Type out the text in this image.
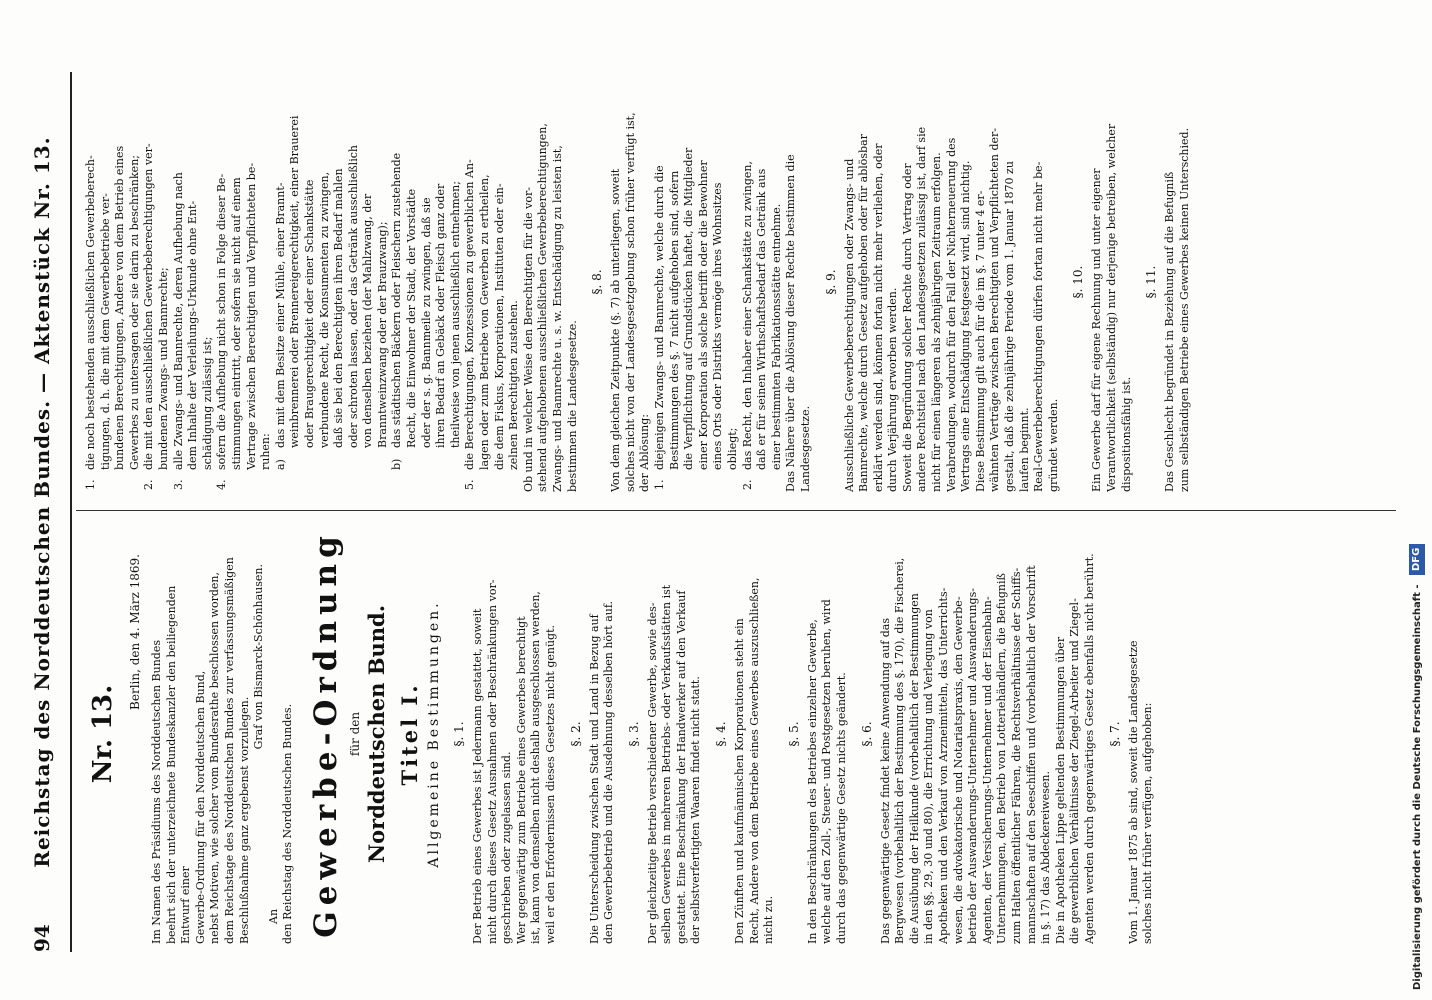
94
Reichstag des Norddeutschen Bundes. — Aktenstück Nr. 13.
Nr. 13.
Berlin, den 4. März 1869.
Im Namen des Präsidiums des Norddeutschen Bundes beehrt sich der unterzeichnete Bundeskanzler den beiliegenden Entwurf einer Gewerbe-Ordnung für den Norddeutschen Bund, nebst Motiven, wie solcher vom Bundesrathe beschlossen worden, dem Reichstage des Norddeutschen Bundes zur verfassungsmäßigen Beschlußnahme ganz ergebenst vorzulegen.
Graf von Bismarck-Schönhausen.
An den Reichstag des Norddeutschen Bundes. Gewerbe-Ordnung für den Norddeutschen Bund. Titel I. Allgemeine Bestimmungen. §. 1. Der Betrieb eines Gewerbes ist Jedermann gestattet, soweit nicht durch dieses Gesetz Ausnahmen oder Beschränkungen vor- geschrieben oder zugelassen sind. Wer gegenwärtig zum Betriebe eines Gewerbes berechtigt ist, kann von demselben nicht deshalb ausgeschlossen werden, weil er den Erfordernissen dieses Gesetzes nicht genügt. §. 2. Die Unterscheidung zwischen Stadt und Land in Bezug auf den Gewerbebetrieb und die Ausdehnung desselben hört auf. §. 3. Der gleichzeitige Betrieb verschiedener Gewerbe, sowie des- selben Gewerbes in mehreren Betriebs- oder Verkaufsstätten ist gestattet. Eine Beschränkung der Handwerker auf den Verkauf der selbstverfertigten Waaren findet nicht statt. §. 4. Den Zünften und kaufmännischen Korporationen steht ein Recht, Andere von dem Betriebe eines Gewerbes auszuschließen, nicht zu.
§. 5. In den Beschränkungen des Betriebes einzelner Gewerbe, welche auf den Zoll-, Steuer- und Postgesetzen beruhen, wird durch das gegenwärtige Gesetz nichts geändert. §. 6. Das gegenwärtige Gesetz findet keine Anwendung auf das Bergwesen (vorbehaltlich der Bestimmung des §. 170), die Fischerei, die Ausübung der Heilkunde (vorbehaltlich der Bestimmungen in den §§. 29, 30 und 80), die Errichtung und Verlegung von Apotheken und den Verkauf von Arzneimitteln, das Unterrichts- wesen, die advokatorische und Notariatspraxis, den Gewerbe- betrieb der Auswanderungs-Unternehmer und Auswanderungs- Agenten, der Versicherungs-Unternehmer und der Eisenbahn- Unternehmungen, den Betrieb von Lotteriehändlern, die Befugniß zum Halten öffentlicher Fähren, die Rechtsverhältnisse der Schiffs- mannschaften auf den Seeschiffen und (vorbehaltlich der Vorschrift in §. 17) das Abdeckereiwesen. Die in Apotheken Lippe geltenden Bestimmungen über die gewerblichen Verhältnisse der Ziegel-Arbeiter und Ziegel- Agenten werden durch gegenwärtiges Gesetz ebenfalls nicht berührt. §. 7. Vom 1. Januar 1875 ab sind, soweit die Landesgesetze solches nicht früher verfügen, aufgehoben:
1.
die noch bestehenden ausschließlichen Gewerbeberech- tigungen, d. h. die mit dem Gewerbebetriebe ver- bundenen Berechtigungen, Andere von dem Betrieb eines Gewerbes zu untersagen oder sie darin zu beschränken;
2.
die mit den ausschließlichen Gewerbeberechtigungen ver- bundenen Zwangs- und Bannrechte;
3.
alle Zwangs- und Bannrechte, deren Aufhebung nach dem Inhalte der Verleihungs-Urkunde ohne Ent- schädigung zulässig ist;
4.
sofern die Aufhebung nicht schon in Folge dieser Be- stimmungen eintritt, oder sofern sie nicht auf einem Vertrage zwischen Berechtigten und Verpflichteten be- ruhen: a)
das mit dem Besitze einer Mühle, einer Brannt- weinbrennerei oder Brennereigerechtigkeit, einer Brauerei oder Braugerechtigkeit oder einer Schankstätte verbundene Recht, die Konsumenten zu zwingen, daß sie bei den Berechtigten ihren Bedarf mahlen oder schroten lassen, oder das Getränk ausschließlich von denselben beziehen (der Mahlzwang, der Branntweinzwang oder der Brauzwang);
b)
das städtischen Bäckern oder Fleischern zustehende Recht, die Einwohner der Stadt, der Vorstädte oder der s. g. Bannmeile zu zwingen, daß sie ihren Bedarf an Gebäck oder Fleisch ganz oder theilweise von jenen ausschließlich entnehmen;
5.
die Berechtigungen, Konzessionen zu gewerblichen An- lagen oder zum Betriebe von Gewerben zu ertheilen, die dem Fiskus, Korporationen, Instituten oder ein- zelnen Berechtigten zustehen. Ob und in welcher Weise den Berechtigten für die vor- stehend aufgehobenen ausschließlichen Gewerbeberechtigungen, Zwangs- und Bannrechte u. s. w. Entschädigung zu leisten ist, bestimmen die Landesgesetze.
§. 8. Von dem gleichen Zeitpunkte (§. 7) ab unterliegen, soweit solches nicht von der Landesgesetzgebung schon früher verfügt ist, der Ablösung: 1.
diejenigen Zwangs- und Bannrechte, welche durch die Bestimmungen des §. 7 nicht aufgehoben sind, sofern die Verpflichtung auf Grundstücken haftet, die Mitglieder einer Korporation als solche betrifft oder die Bewohner eines Orts oder Distrikts vermöge ihres Wohnsitzes obliegt;
2.
das Recht, den Inhaber einer Schankstätte zu zwingen, daß er für seinen Wirthschaftsbedarf das Getränk aus einer bestimmten Fabrikationsstätte entnehme. Das Nähere über die Ablösung dieser Rechte bestimmen die Landesgesetze.
§. 9. Ausschließliche Gewerbeberechtigungen oder Zwangs- und Bannrechte, welche durch Gesetz aufgehoben oder für ablösbar erklärt werden sind, können fortan nicht mehr verliehen, oder durch Verjährung erworben werden. Soweit die Begründung solcher Rechte durch Vertrag oder andere Rechtstitel nach den Landesgesetzen zulässig ist, darf sie nicht für einen längeren als zehnjährigen Zeitraum erfolgen. Verabredungen, wodurch für den Fall der Nichterneuerung des Vertrags eine Entschädigung festgesetzt wird, sind nichtig. Diese Bestimmung gilt auch für die im §. 7 unter 4 er- wähnten Verträge zwischen Berechtigten und Verpflichteten der- gestalt, daß die zehnjährige Periode vom 1. Januar 1870 zu laufen beginnt. Real-Gewerbeberechtigungen dürfen fortan nicht mehr be- gründet werden.
§. 10. Ein Gewerbe darf für eigene Rechnung und unter eigener Verantwortlichkeit (selbständig) nur derjenige betreiben, welcher dispositionsfähig ist.
§. 11. Das Geschlecht begründet in Beziehung auf die Befugniß zum selbständigen Betriebe eines Gewerbes keinen Unterschied.
Digitalisierung gefördert durch die Deutsche Forschungsgemeinschaft - DFG
